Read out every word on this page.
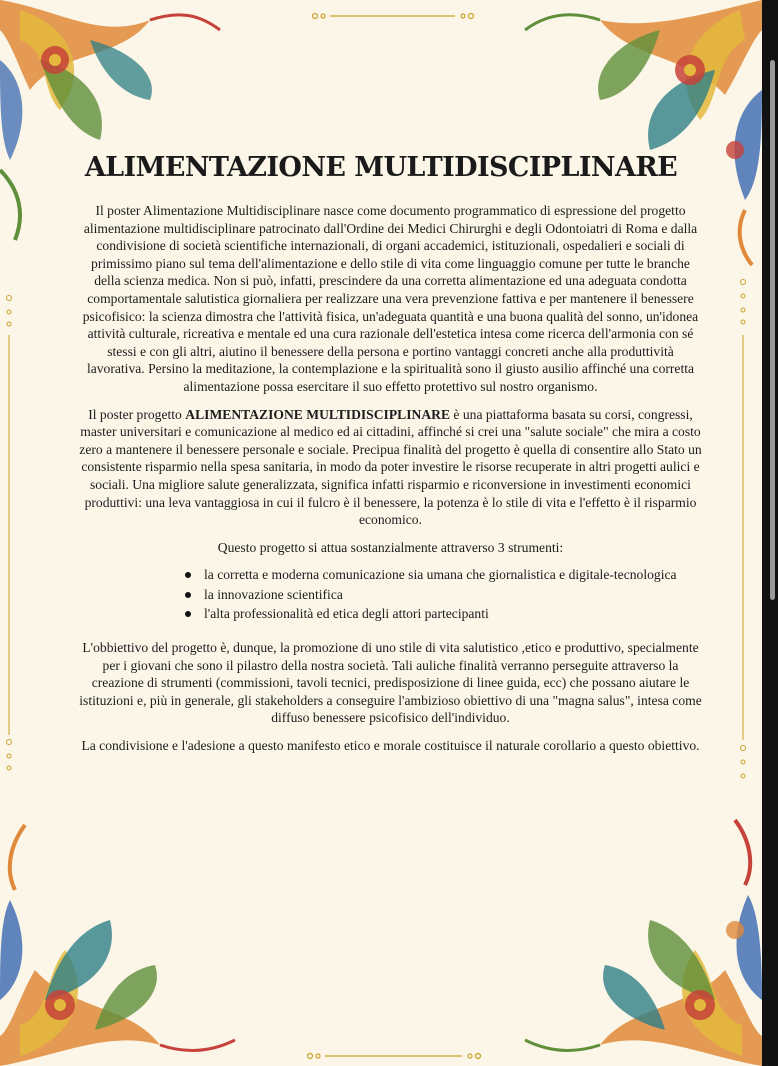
ALIMENTAZIONE MULTIDISCIPLINARE

Il poster Alimentazione Multidisciplinare nasce come documento programmatico di espressione del progetto alimentazione multidisciplinare patrocinato dall'Ordine dei Medici Chirurghi e degli Odontoiatri di Roma e dalla condivisione di società scientifiche internazionali, di organi accademici, istituzionali, ospedalieri e sociali di primissimo piano sul tema dell'alimentazione e dello stile di vita come linguaggio comune per tutte le branche della scienza medica. Non si può, infatti, prescindere da una corretta alimentazione ed una adeguata condotta comportamentale salutistica giornaliera per realizzare una vera prevenzione fattiva e per mantenere il benessere psicofisico: la scienza dimostra che l'attività fisica, un'adeguata quantità e una buona qualità del sonno, un'idonea attività culturale, ricreativa e mentale ed una cura razionale dell'estetica intesa come ricerca dell'armonia con sé stessi e con gli altri, aiutino il benessere della persona e portino vantaggi concreti anche alla produttività lavorativa. Persino la meditazione, la contemplazione e la spiritualità sono il giusto ausilio affinché una corretta alimentazione possa esercitare il suo effetto protettivo sul nostro organismo.

Il poster progetto ALIMENTAZIONE MULTIDISCIPLINARE è una piattaforma basata su corsi, congressi, master universitari e comunicazione al medico ed ai cittadini, affinché si crei una "salute sociale" che mira a costo zero a mantenere il benessere personale e sociale. Precipua finalità del progetto è quella di consentire allo Stato un consistente risparmio nella spesa sanitaria, in modo da poter investire le risorse recuperate in altri progetti aulici e sociali. Una migliore salute generalizzata, significa infatti risparmio e riconversione in investimenti economici produttivi: una leva vantaggiosa in cui il fulcro è il benessere, la potenza è lo stile di vita e l'effetto è il risparmio economico.

Questo progetto si attua sostanzialmente attraverso 3 strumenti:

la corretta e moderna comunicazione sia umana che giornalistica e digitale-tecnologica
la innovazione scientifica
l'alta professionalità ed etica degli attori partecipanti

L'obbiettivo del progetto è, dunque, la promozione di uno stile di vita salutistico ,etico e produttivo, specialmente per i giovani che sono il pilastro della nostra società. Tali auliche finalità verranno perseguite attraverso la creazione di strumenti (commissioni, tavoli tecnici, predisposizione di linee guida, ecc) che possano aiutare le istituzioni e, più in generale, gli stakeholders a conseguire l'ambizioso obiettivo di una "magna salus", intesa come diffuso benessere psicofisico dell'individuo.

La condivisione e l'adesione a questo manifesto etico e morale costituisce il naturale corollario a questo obiettivo.
